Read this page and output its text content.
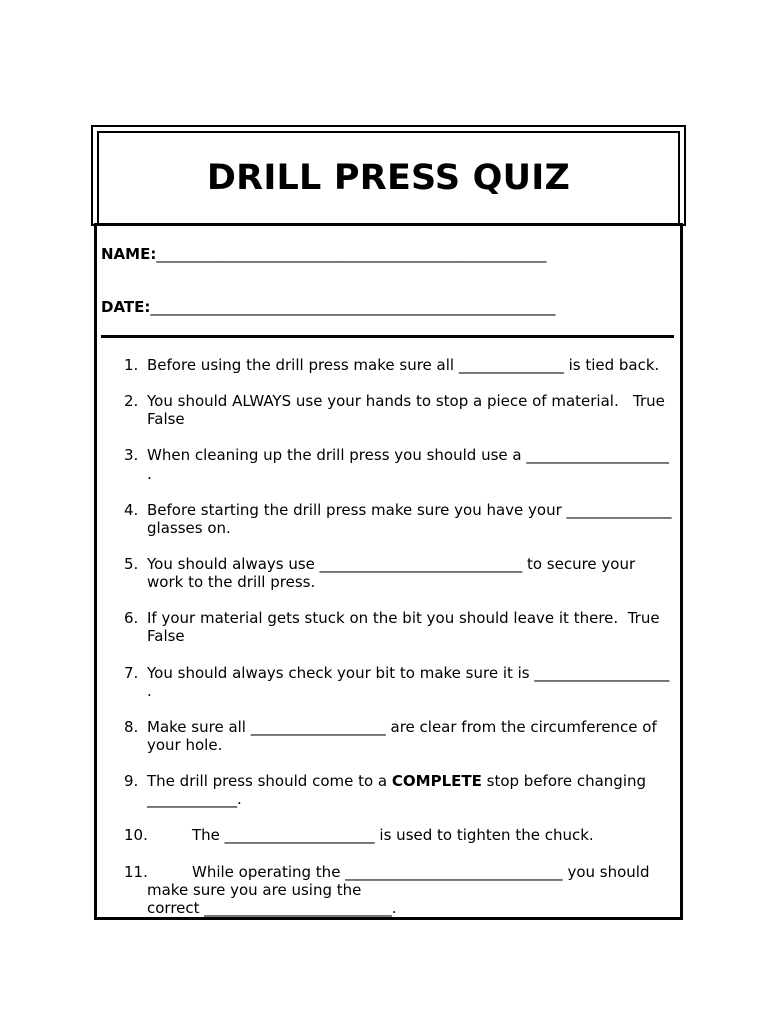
DRILL PRESS QUIZ
NAME:____________________________________________________
DATE:______________________________________________________
1. Before using the drill press make sure all ______________ is tied back.
2. You should ALWAYS use your hands to stop a piece of material.   True
False
3. When cleaning up the drill press you should use a ___________________
.
4. Before starting the drill press make sure you have your ______________
glasses on.
5. You should always use ___________________________ to secure your
work to the drill press.
6. If your material gets stuck on the bit you should leave it there.  True
False
7. You should always check your bit to make sure it is __________________
.
8. Make sure all __________________ are clear from the circumference of
your hole.
9. The drill press should come to a COMPLETE stop before changing
____________.
10.	The ____________________ is used to tighten the chuck.
11.	While operating the _____________________________ you should
make sure you are using the
correct _________________________.
